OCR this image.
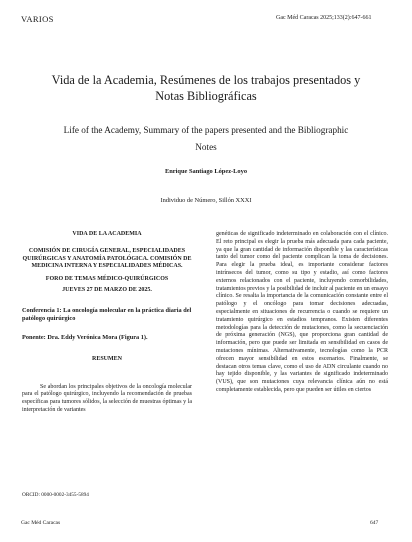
VARIOS	Gac Méd Caracas 2025;133(2):647-661
Vida de la Academia, Resúmenes de los trabajos presentados y Notas Bibliográficas
Life of the Academy, Summary of the papers presented and the Bibliographic Notes
Enrique Santiago López-Loyo
Individuo de Número, Sillón XXXI

VIDA DE LA ACADEMIA

COMISIÓN DE CIRUGÍA GENERAL, ESPECIALIDADES QUIRÚRGICAS Y ANATOMÍA PATOLÓGICA. COMISIÓN DE MEDICINA INTERNA Y ESPECIALIDADES MÉDICAS.

FORO DE TEMAS MÉDICO-QUIRÚRGICOS

JUEVES 27 DE MARZO DE 2025.

Conferencia 1: La oncología molecular en la práctica diaria del patólogo quirúrgico

Ponente: Dra. Eddy Verónica Mora (Figura 1).

RESUMEN

Se abordan los principales objetivos de la oncología molecular para el patólogo quirúrgico, incluyendo la recomendación de pruebas específicas para tumores sólidos, la selección de muestras óptimas y la interpretación de variantes

genéticas de significado indeterminado en colaboración con el clínico. El reto principal es elegir la prueba más adecuada para cada paciente, ya que la gran cantidad de información disponible y las características tanto del tumor como del paciente complican la toma de decisiones. Para elegir la prueba ideal, es importante considerar factores intrínsecos del tumor, como su tipo y estadio, así como factores externos relacionados con el paciente, incluyendo comorbilidades, tratamientos previos y la posibilidad de incluir al paciente en un ensayo clínico. Se resalta la importancia de la comunicación constante entre el patólogo y el oncólogo para tomar decisiones adecuadas, especialmente en situaciones de recurrencia o cuando se requiere un tratamiento quirúrgico en estadios tempranos. Existen diferentes metodologías para la detección de mutaciones, como la secuenciación de próxima generación (NGS), que proporciona gran cantidad de información, pero que puede ser limitada en sensibilidad en casos de mutaciones mínimas. Alternativamente, tecnologías como la PCR ofrecen mayor sensibilidad en estos escenarios. Finalmente, se destacan otros temas clave, como el uso de ADN circulante cuando no hay tejido disponible, y las variantes de significado indeterminado (VUS), que son mutaciones cuya relevancia clínica aún no está completamente establecida, pero que pueden ser útiles en ciertos

ORCID: 0000-0002-3455-5894
Gac Méd Caracas	647
